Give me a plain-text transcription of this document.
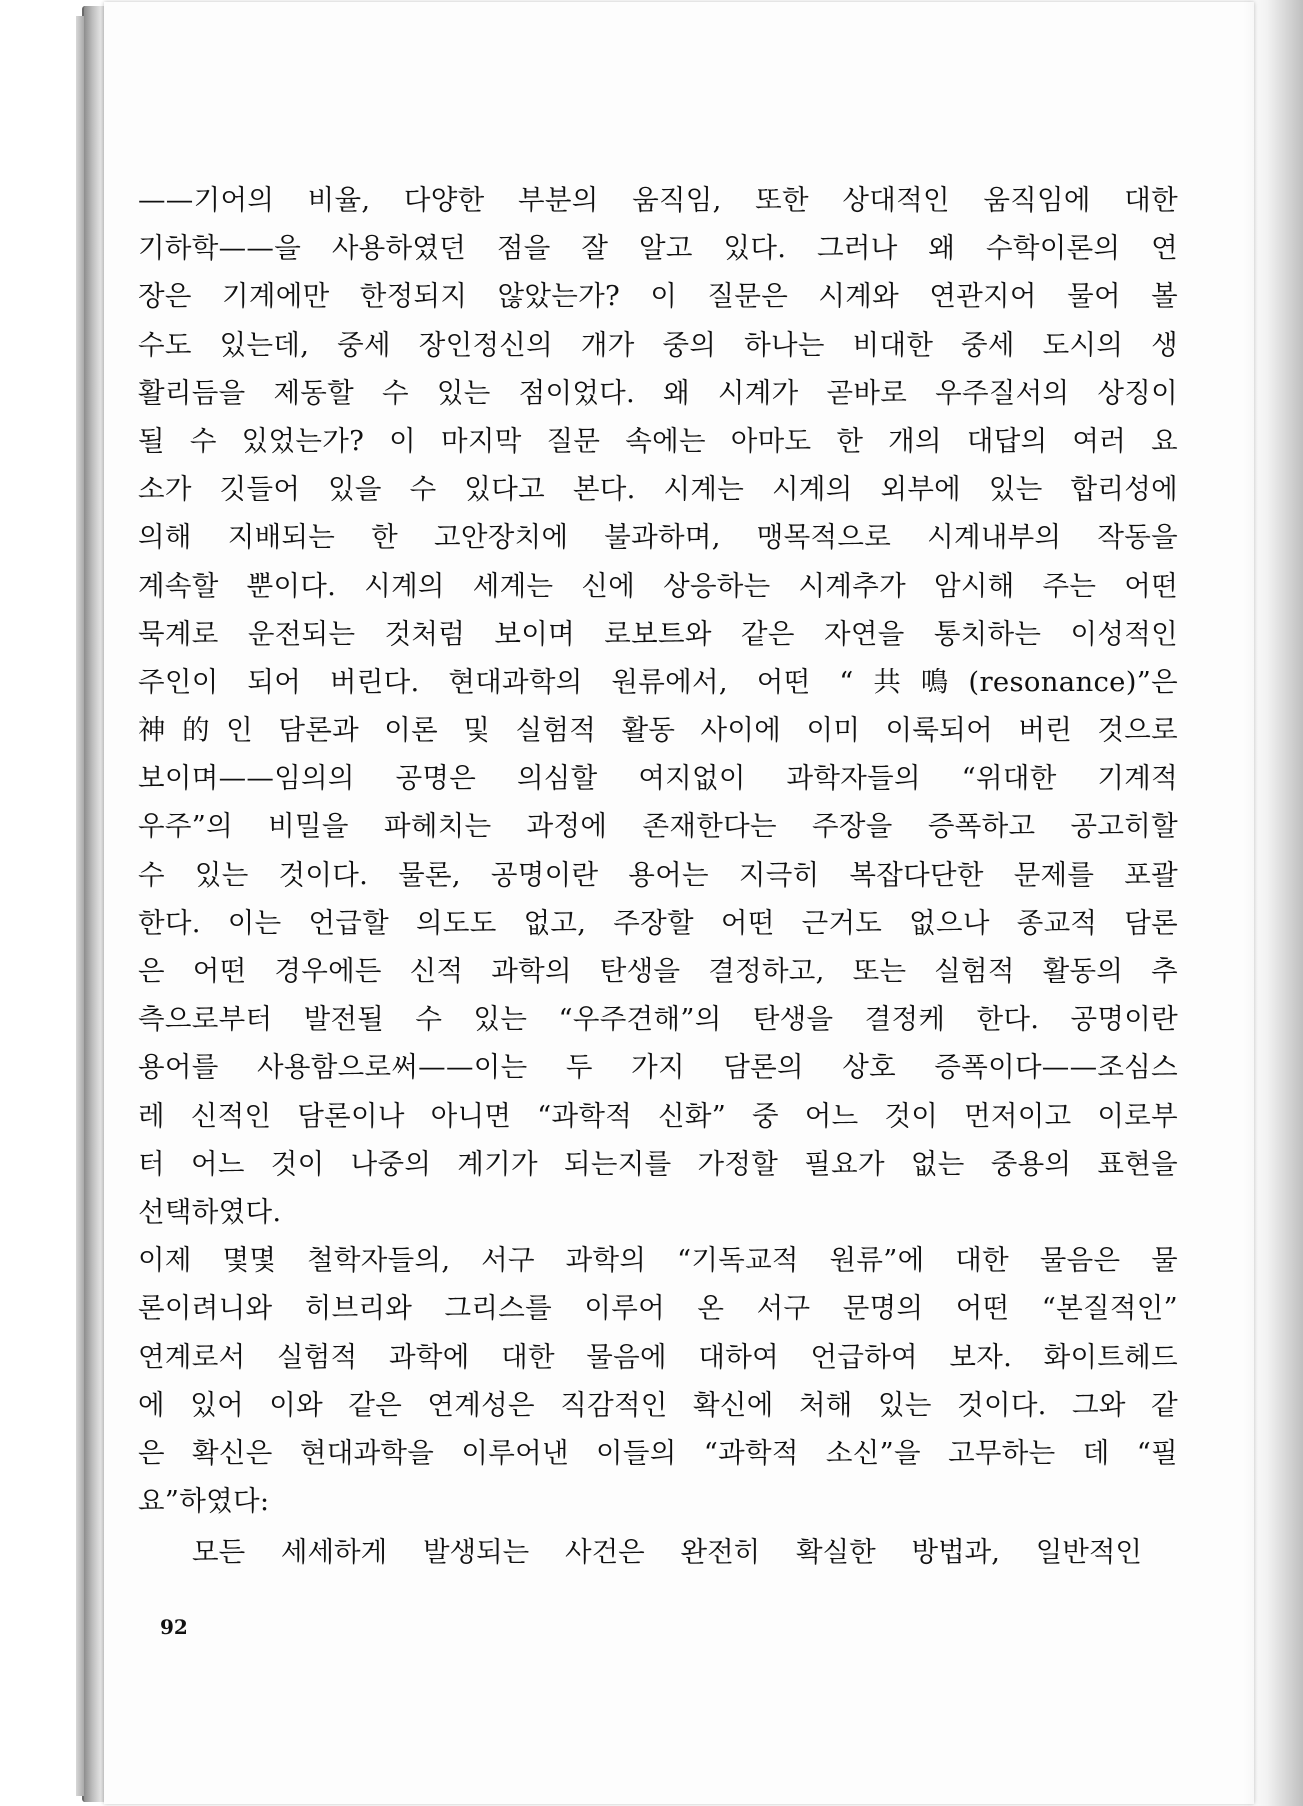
——기어의 비율, 다양한 부분의 움직임, 또한 상대적인 움직임에 대한
기하학——을 사용하였던 점을 잘 알고 있다. 그러나 왜 수학이론의 연
장은 기계에만 한정되지 않았는가? 이 질문은 시계와 연관지어 물어 볼
수도 있는데, 중세 장인정신의 개가 중의 하나는 비대한 중세 도시의 생
활리듬을 제동할 수 있는 점이었다. 왜 시계가 곧바로 우주질서의 상징이
될 수 있었는가? 이 마지막 질문 속에는 아마도 한 개의 대답의 여러 요
소가 깃들어 있을 수 있다고 본다. 시계는 시계의 외부에 있는 합리성에
의해 지배되는 한 고안장치에 불과하며, 맹목적으로 시계내부의 작동을
계속할 뿐이다. 시계의 세계는 신에 상응하는 시계추가 암시해 주는 어떤
묵계로 운전되는 것처럼 보이며 로보트와 같은 자연을 통치하는 이성적인
주인이 되어 버린다. 현대과학의 원류에서, 어떤 “共鳴(resonance)”은
神的인 담론과 이론 및 실험적 활동 사이에 이미 이룩되어 버린 것으로
보이며——임의의 공명은 의심할 여지없이 과학자들의 “위대한 기계적
우주”의 비밀을 파헤치는 과정에 존재한다는 주장을 증폭하고 공고히할
수 있는 것이다. 물론, 공명이란 용어는 지극히 복잡다단한 문제를 포괄
한다. 이는 언급할 의도도 없고, 주장할 어떤 근거도 없으나 종교적 담론
은 어떤 경우에든 신적 과학의 탄생을 결정하고, 또는 실험적 활동의 추
측으로부터 발전될 수 있는 “우주견해”의 탄생을 결정케 한다. 공명이란
용어를 사용함으로써——이는 두 가지 담론의 상호 증폭이다——조심스
레 신적인 담론이나 아니면 “과학적 신화” 중 어느 것이 먼저이고 이로부
터 어느 것이 나중의 계기가 되는지를 가정할 필요가 없는 중용의 표현을
선택하였다.
이제 몇몇 철학자들의, 서구 과학의 “기독교적 원류”에 대한 물음은 물
론이려니와 히브리와 그리스를 이루어 온 서구 문명의 어떤 “본질적인”
연계로서 실험적 과학에 대한 물음에 대하여 언급하여 보자. 화이트헤드
에 있어 이와 같은 연계성은 직감적인 확신에 처해 있는 것이다. 그와 같
은 확신은 현대과학을 이루어낸 이들의 “과학적 소신”을 고무하는 데 “필
요”하였다:
모든 세세하게 발생되는 사건은 완전히 확실한 방법과, 일반적인
92
